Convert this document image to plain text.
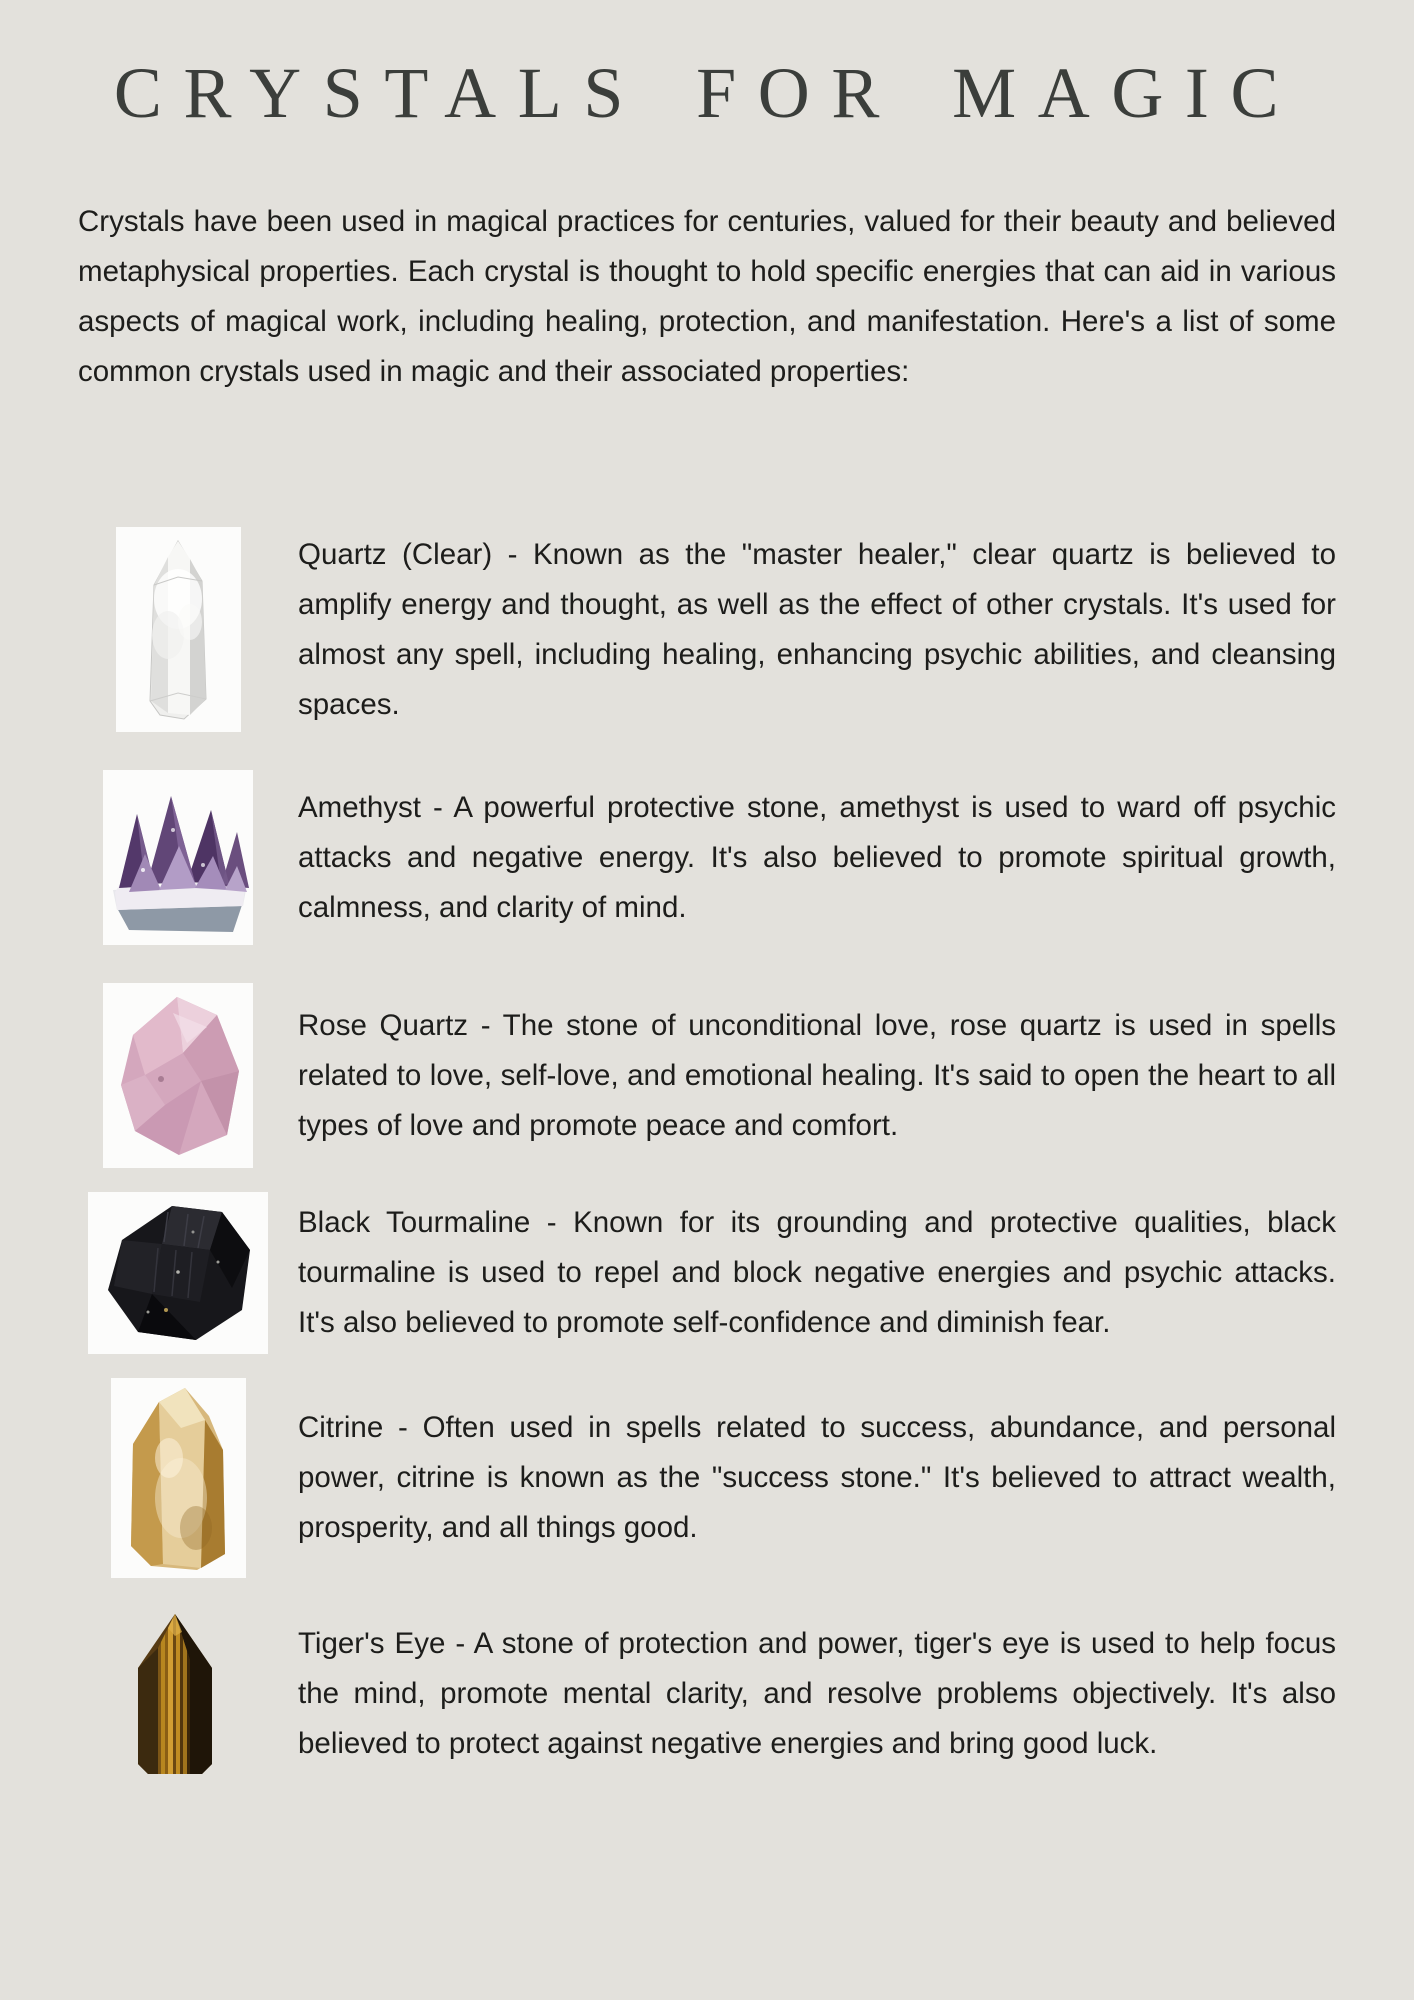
CRYSTALS FOR MAGIC

Crystals have been used in magical practices for centuries, valued for their beauty and believed metaphysical properties. Each crystal is thought to hold specific energies that can aid in various aspects of magical work, including healing, protection, and manifestation. Here's a list of some common crystals used in magic and their associated properties:

Quartz (Clear) - Known as the "master healer," clear quartz is believed to amplify energy and thought, as well as the effect of other crystals. It's used for almost any spell, including healing, enhancing psychic abilities, and cleansing spaces.

Amethyst - A powerful protective stone, amethyst is used to ward off psychic attacks and negative energy. It's also believed to promote spiritual growth, calmness, and clarity of mind.

Rose Quartz - The stone of unconditional love, rose quartz is used in spells related to love, self-love, and emotional healing. It's said to open the heart to all types of love and promote peace and comfort.

Black Tourmaline - Known for its grounding and protective qualities, black tourmaline is used to repel and block negative energies and psychic attacks. It's also believed to promote self-confidence and diminish fear.

Citrine - Often used in spells related to success, abundance, and personal power, citrine is known as the "success stone." It's believed to attract wealth, prosperity, and all things good.

Tiger's Eye - A stone of protection and power, tiger's eye is used to help focus the mind, promote mental clarity, and resolve problems objectively. It's also believed to protect against negative energies and bring good luck.
